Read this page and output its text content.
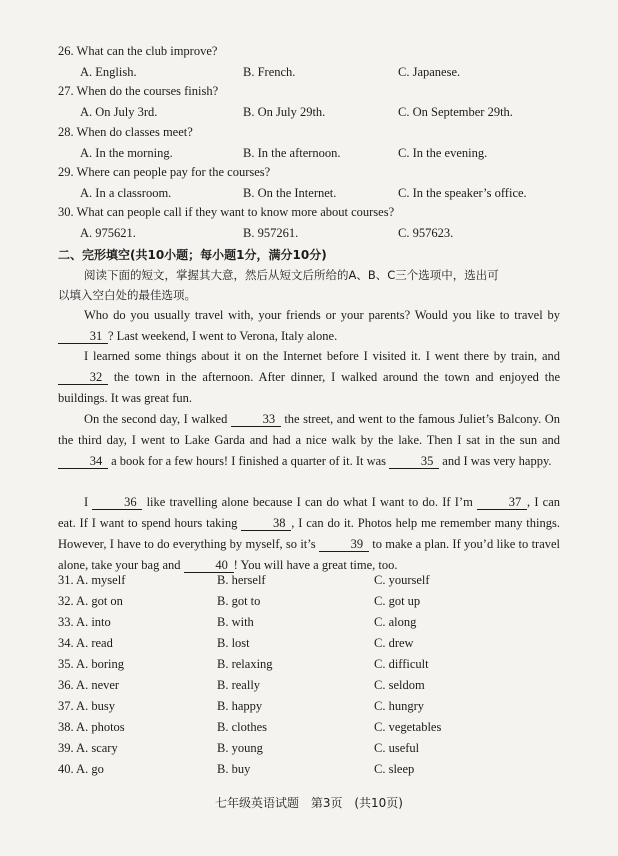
26. What can the club improve?
A. English.	B. French.	C. Japanese.
27. When do the courses finish?
A. On July 3rd.	B. On July 29th.	C. On September 29th.
28. When do classes meet?
A. In the morning.	B. In the afternoon.	C. In the evening.
29. Where can people pay for the courses?
A. In a classroom.	B. On the Internet.	C. In the speaker’s office.
30. What can people call if they want to know more about courses?
A. 975621.	B. 957261.	C. 957623.
二、完形填空(共10小题；每小题1分，满分10分)
阅读下面的短文，掌握其大意，然后从短文后所给的A、B、C三个选项中，选出可
以填入空白处的最佳选项。
Who do you usually travel with, your friends or your parents? Would you like to travel by 31 ? Last weekend, I went to Verona, Italy alone.
I learned some things about it on the Internet before I visited it. I went there by train, and 32 the town in the afternoon. After dinner, I walked around the town and enjoyed the buildings. It was great fun.
On the second day, I walked	33 the street, and went to the famous Juliet’s Balcony. On the third day, I went to Lake Garda and had a nice walk by the lake. Then I sat in the sun and 34 a book for a few hours! I finished a quarter of it. It was	35 and I was very happy.
I	36 like travelling alone because I can do what I want to do. If I’m	37 , I can eat. If I want to spend hours taking	38 , I can do it. Photos help me remember many things. However, I have to do everything by myself, so it’s	39 to make a plan. If you’d like to travel alone, take your bag and	40 ! You will have a great time, too.
31. A. myself	B. herself	C. yourself
32. A. got on	B. got to	C. got up
33. A. into	B. with	C. along
34. A. read	B. lost	C. drew
35. A. boring	B. relaxing	C. difficult
36. A. never	B. really	C. seldom
37. A. busy	B. happy	C. hungry
38. A. photos	B. clothes	C. vegetables
39. A. scary	B. young	C. useful
40. A. go	B. buy	C. sleep
七年级英语试题 第3页 (共10页)
